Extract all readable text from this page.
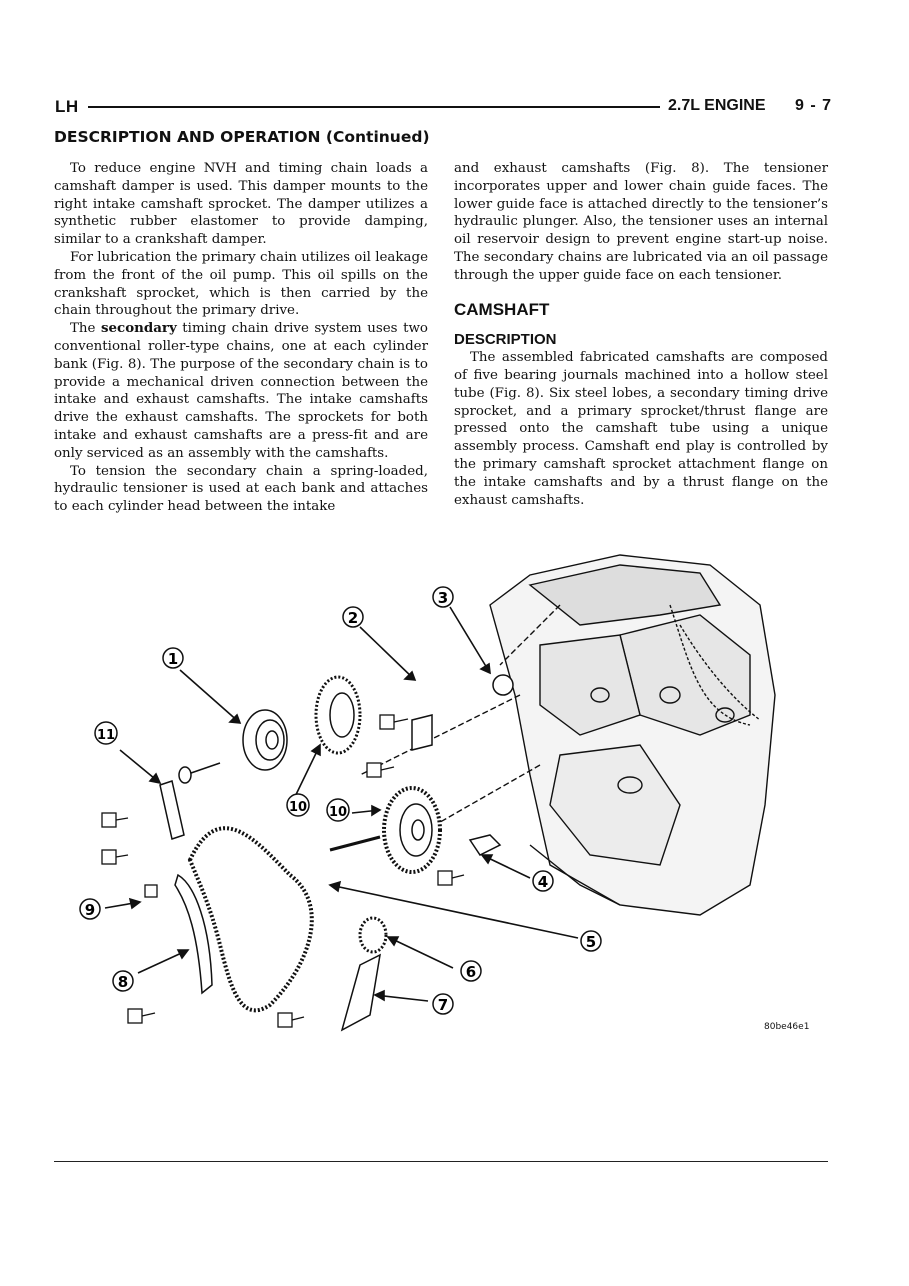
LH	2.7L ENGINE 9 - 7
DESCRIPTION AND OPERATION (Continued)

To reduce engine NVH and timing chain loads a camshaft damper is used. This damper mounts to the right intake camshaft sprocket. The damper utilizes a synthetic rubber elastomer to provide damping, similar to a crankshaft damper.

For lubrication the primary chain utilizes oil leakage from the front of the oil pump. This oil spills on the crankshaft sprocket, which is then carried by the chain throughout the primary drive.

The secondary timing chain drive system uses two conventional roller-type chains, one at each cylinder bank (Fig. 8). The purpose of the secondary chain is to provide a mechanical driven connection between the intake and exhaust camshafts. The intake camshafts drive the exhaust camshafts. The sprockets for both intake and exhaust camshafts are a press-fit and are only serviced as an assembly with the camshafts.

To tension the secondary chain a spring-loaded, hydraulic tensioner is used at each bank and attaches to each cylinder head between the intake

and exhaust camshafts (Fig. 8). The tensioner incorporates upper and lower chain guide faces. The lower guide face is attached directly to the tensioner’s hydraulic plunger. Also, the tensioner uses an internal oil reservoir design to prevent engine start-up noise. The secondary chains are lubricated via an oil passage through the upper guide face on each tensioner.

CAMSHAFT
DESCRIPTION

The assembled fabricated camshafts are composed of five bearing journals machined into a hollow steel tube (Fig. 8). Six steel lobes, a secondary timing drive sprocket, and a primary sprocket/thrust flange are pressed onto the camshaft tube using a unique assembly process. Camshaft end play is controlled by the primary camshaft sprocket attachment flange on the intake camshafts and by a thrust flange on the exhaust camshafts.

1
2
3
4
5
6
7
8
9
10 10
11
80be46e1
